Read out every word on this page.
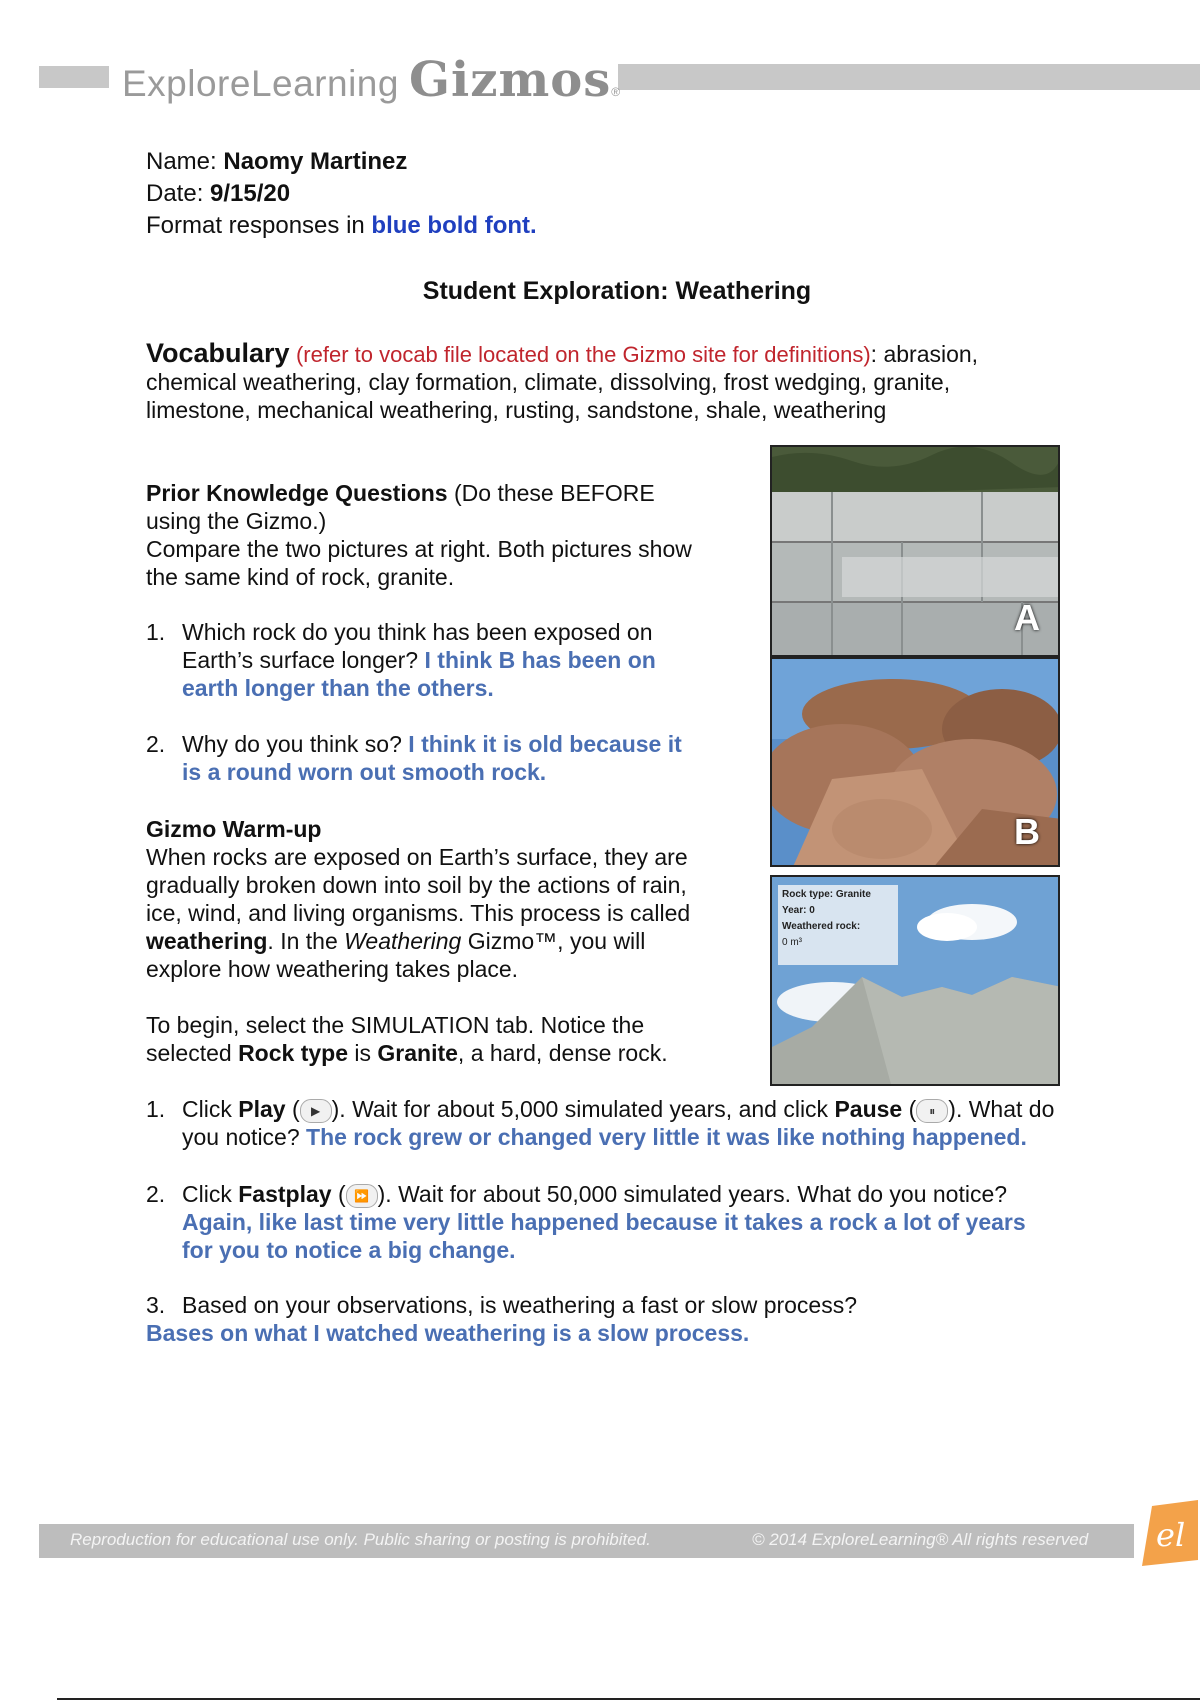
ExploreLearning Gizmos$_®$
Name: Naomy Martinez
Date: 9/15/20
Format responses in blue bold font.
Student Exploration: Weathering
Vocabulary (refer to vocab file located on the Gizmo site for definitions): abrasion,
chemical weathering, clay formation, climate, dissolving, frost wedging, granite,
limestone, mechanical weathering, rusting, sandstone, shale, weathering
Prior Knowledge Questions (Do these BEFORE
using the Gizmo.)
Compare the two pictures at right. Both pictures show
the same kind of rock, granite.
1. Which rock do you think has been exposed on
Earth’s surface longer? I think B has been on
earth longer than the others.
2. Why do you think so? I think it is old because it
is a round worn out smooth rock.
Gizmo Warm-up
When rocks are exposed on Earth’s surface, they are
gradually broken down into soil by the actions of rain,
ice, wind, and living organisms. This process is called
weathering. In the Weathering Gizmo™, you will
explore how weathering takes place.
To begin, select the SIMULATION tab. Notice the
selected Rock type is Granite, a hard, dense rock.
A
B
Rock type: Granite
Year: 0
Weathered rock:
0 m³
1. Click Play ( ▶ ). Wait for about 5,000 simulated years, and click Pause ( ⏸ ). What do
you notice? The rock grew or changed very little it was like nothing happened.
2. Click Fastplay ( ⏩ ). Wait for about 50,000 simulated years. What do you notice?
Again, like last time very little happened because it takes a rock a lot of years
for you to notice a big change.
3. Based on your observations, is weathering a fast or slow process?
Bases on what I watched weathering is a slow process.
Reproduction for educational use only. Public sharing or posting is prohibited.	© 2014 ExploreLearning® All rights reserved el
